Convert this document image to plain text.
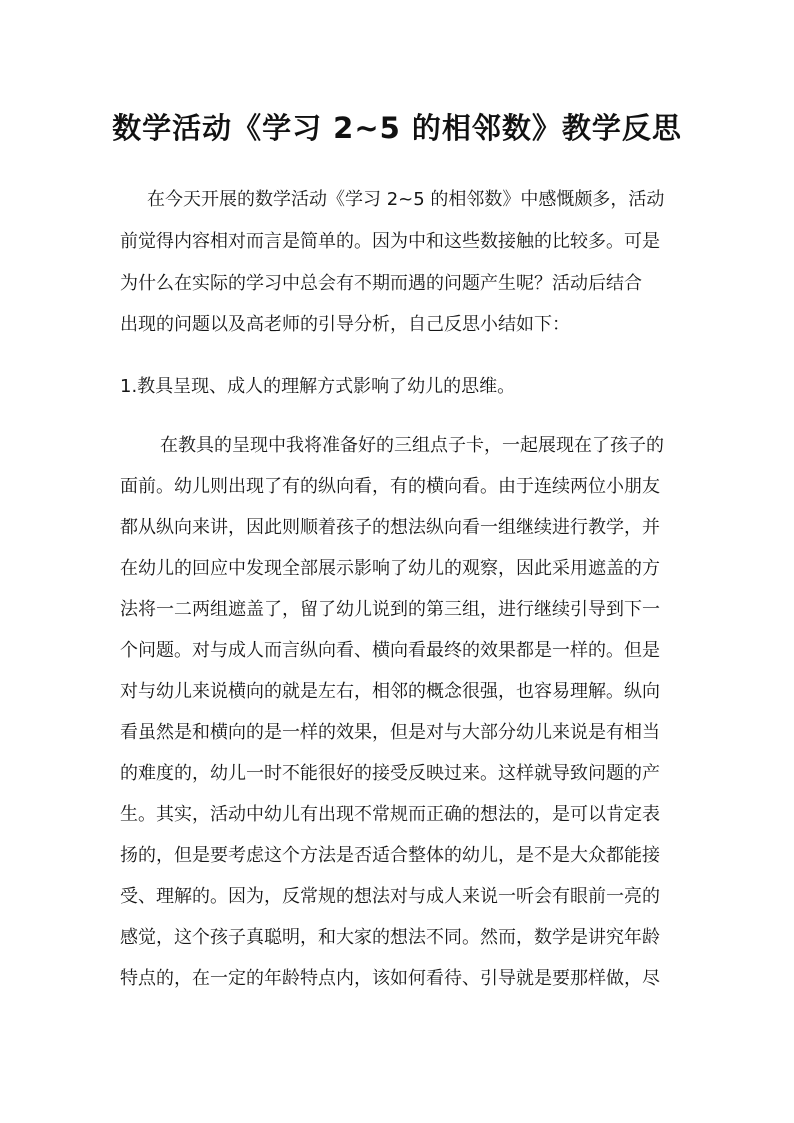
数学活动《学习 2~5 的相邻数》教学反思
在今天开展的数学活动《学习 2~5 的相邻数》中感慨颇多，活动
前觉得内容相对而言是简单的。因为中和这些数接触的比较多。可是
为什么在实际的学习中总会有不期而遇的问题产生呢？活动后结合
出现的问题以及高老师的引导分析，自己反思小结如下：
1.教具呈现、成人的理解方式影响了幼儿的思维。
在教具的呈现中我将准备好的三组点子卡，一起展现在了孩子的
面前。幼儿则出现了有的纵向看，有的横向看。由于连续两位小朋友
都从纵向来讲，因此则顺着孩子的想法纵向看一组继续进行教学，并
在幼儿的回应中发现全部展示影响了幼儿的观察，因此采用遮盖的方
法将一二两组遮盖了，留了幼儿说到的第三组，进行继续引导到下一
个问题。对与成人而言纵向看、横向看最终的效果都是一样的。但是
对与幼儿来说横向的就是左右，相邻的概念很强，也容易理解。纵向
看虽然是和横向的是一样的效果，但是对与大部分幼儿来说是有相当
的难度的，幼儿一时不能很好的接受反映过来。这样就导致问题的产
生。其实，活动中幼儿有出现不常规而正确的想法的，是可以肯定表
扬的，但是要考虑这个方法是否适合整体的幼儿，是不是大众都能接
受、理解的。因为，反常规的想法对与成人来说一听会有眼前一亮的
感觉，这个孩子真聪明，和大家的想法不同。然而，数学是讲究年龄
特点的，在一定的年龄特点内，该如何看待、引导就是要那样做，尽
